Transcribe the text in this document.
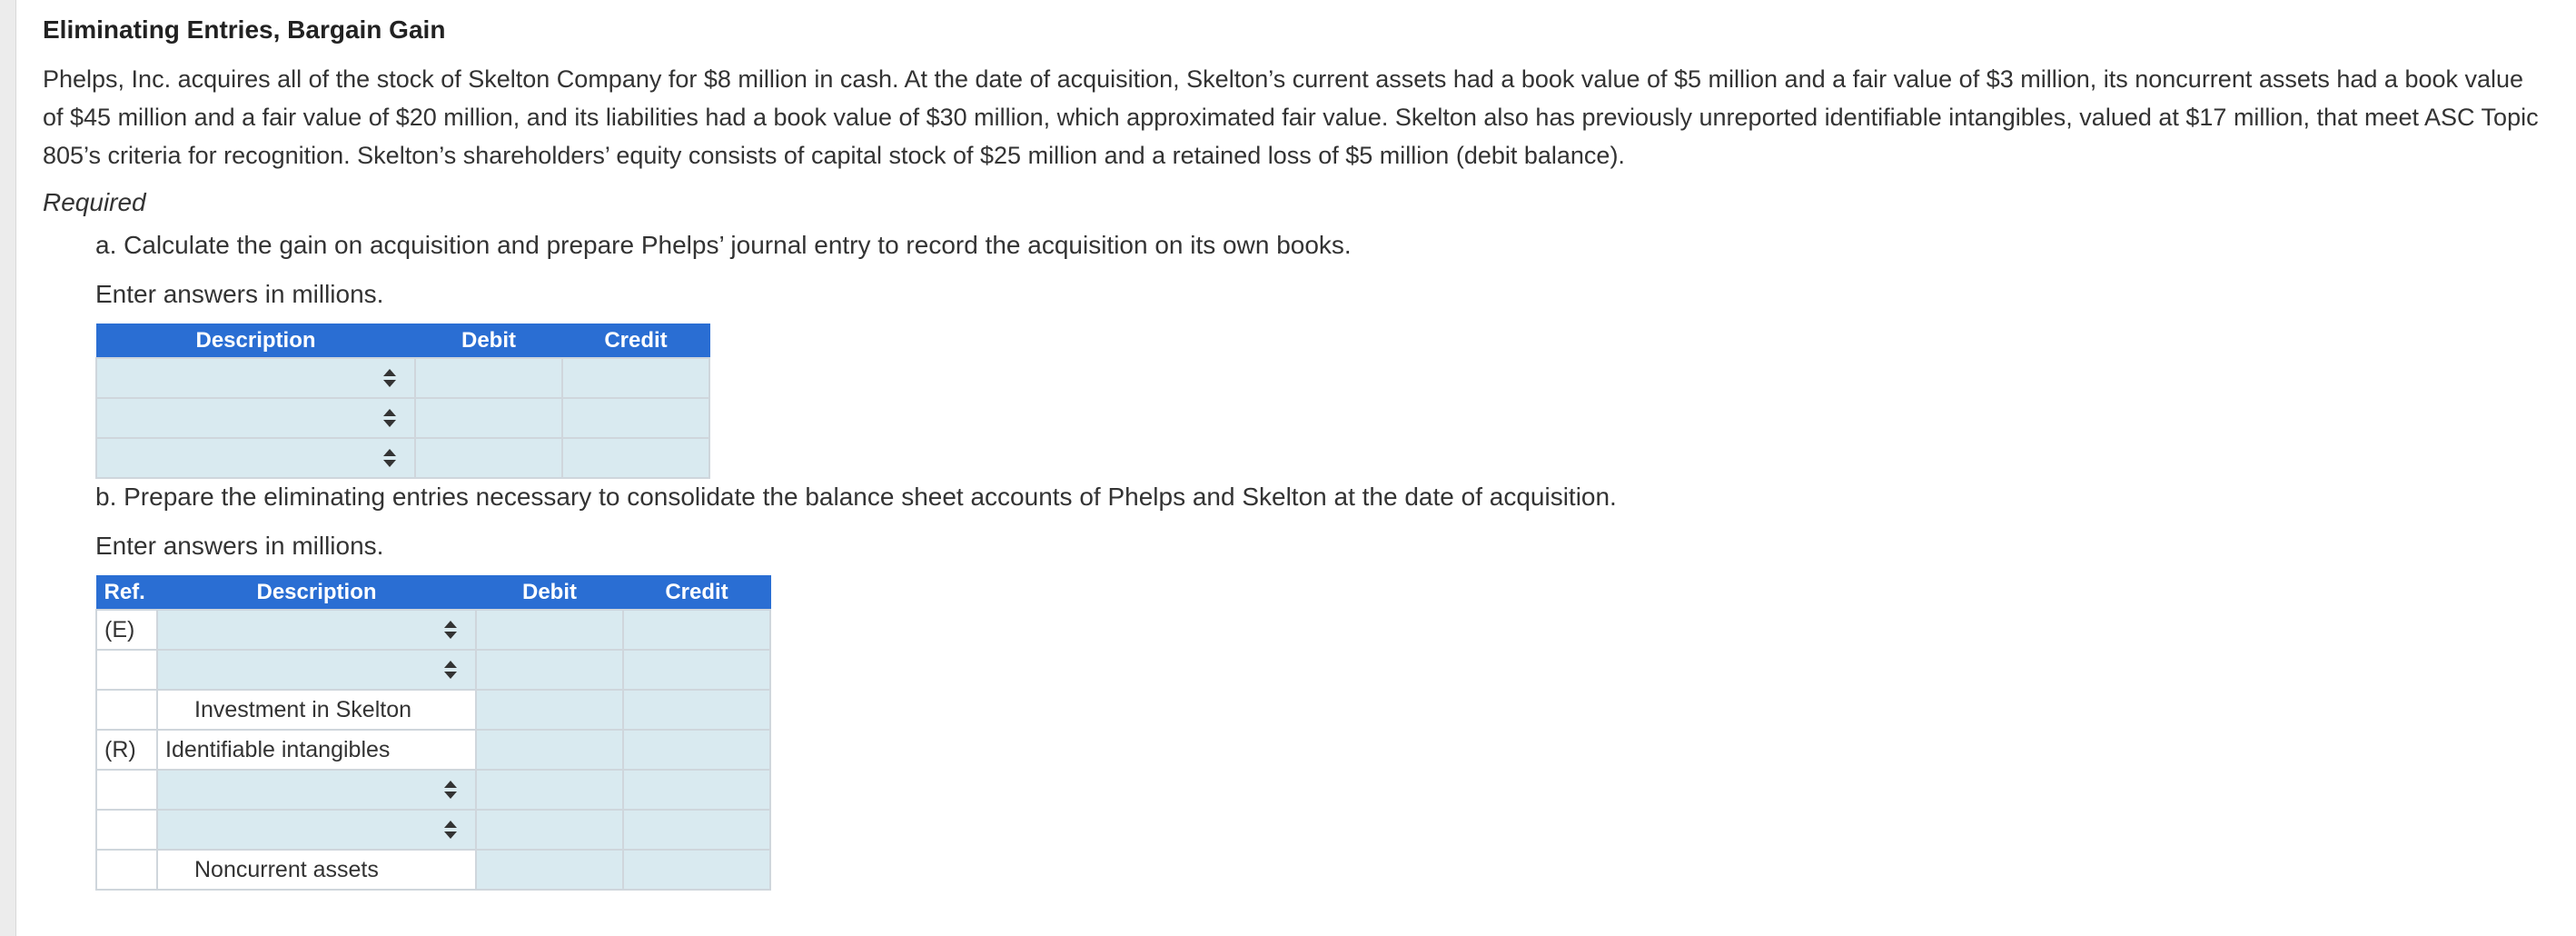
Eliminating Entries, Bargain Gain

Phelps, Inc. acquires all of the stock of Skelton Company for $8 million in cash. At the date of acquisition, Skelton’s current assets had a book value of $5 million and a fair value of $3 million, its noncurrent assets had a book value of $45 million and a fair value of $20 million, and its liabilities had a book value of $30 million, which approximated fair value. Skelton also has previously unreported identifiable intangibles, valued at $17 million, that meet ASC Topic 805’s criteria for recognition. Skelton’s shareholders’ equity consists of capital stock of $25 million and a retained loss of $5 million (debit balance).

Required

a. Calculate the gain on acquisition and prepare Phelps’ journal entry to record the acquisition on its own books.

Enter answers in millions.

Description	Debit	Credit

b. Prepare the eliminating entries necessary to consolidate the balance sheet accounts of Phelps and Skelton at the date of acquisition.

Enter answers in millions.

Ref.	Description	Debit	Credit
(E)	

	Investment in Skelton		
(R)	Identifiable intangibles		

	Noncurrent assets		
